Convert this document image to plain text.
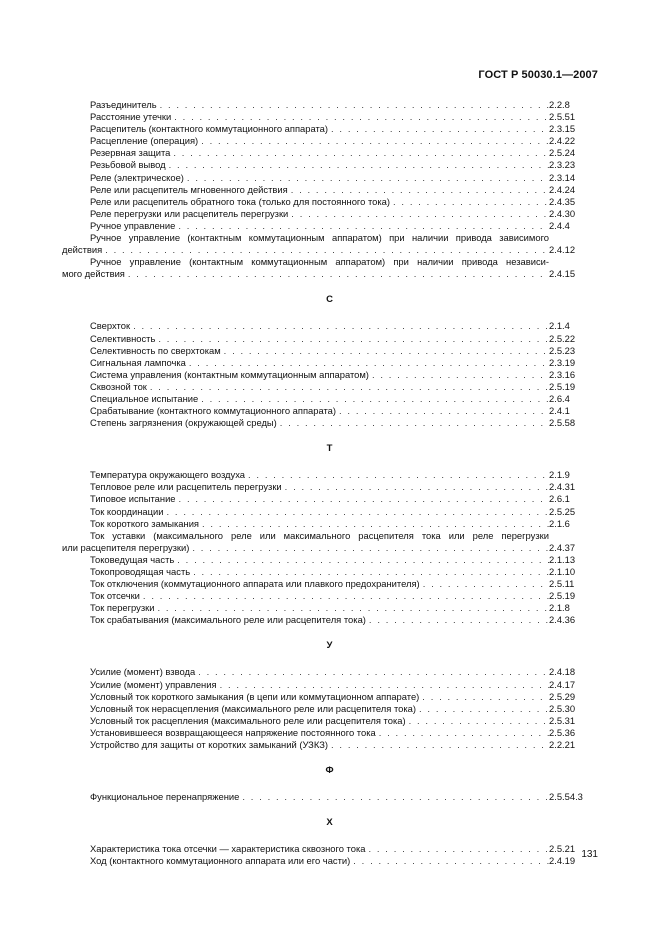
ГОСТ Р 50030.1—2007
Разъединитель . . .	2.2.8
Расстояние утечки . . .	2.5.51
Расцепитель (контактного коммутационного аппарата) . . .	2.3.15
Расцепление (операция) . . .	2.4.22
Резервная защита . . .	2.5.24
Резьбовой вывод . . .	2.3.23
Реле (электрическое) . . .	2.3.14
Реле или расцепитель мгновенного действия . . .	2.4.24
Реле или расцепитель обратного тока (только для постоянного тока) . . .	2.4.35
Реле перегрузки или расцепитель перегрузки . . .	2.4.30
Ручное управление . . .	2.4.4
Ручное управление (контактным коммутационным аппаратом) при наличии привода зависимого
действия . . .	2.4.12
Ручное управление (контактным коммутационным аппаратом) при наличии привода независи-
мого действия . . .	2.4.15
С
Сверхток . . .	2.1.4
Селективность . . .	2.5.22
Селективность по сверхтокам . . .	2.5.23
Сигнальная лампочка . . .	2.3.19
Система управления (контактным коммутационным аппаратом) . . .	2.3.16
Сквозной ток . . .	2.5.19
Специальное испытание . . .	2.6.4
Срабатывание (контактного коммутационного аппарата) . . .	2.4.1
Степень загрязнения (окружающей среды) . . .	2.5.58
Т
Температура окружающего воздуха . . .	2.1.9
Тепловое реле или расцепитель перегрузки . . .	2.4.31
Типовое испытание . . .	2.6.1
Ток координации . . .	2.5.25
Ток короткого замыкания . . .	2.1.6
Ток уставки (максимального реле или максимального расцепителя тока или реле перегрузки
или расцепителя перегрузки) . . .	2.4.37
Токоведущая часть . . .	2.1.13
Токопроводящая часть . . .	2.1.10
Ток отключения (коммутационного аппарата или плавкого предохранителя) . . .	2.5.11
Ток отсечки . . .	2.5.19
Ток перегрузки . . .	2.1.8
Ток срабатывания (максимального реле или расцепителя тока) . . .	2.4.36
У
Усилие (момент) взвода . . .	2.4.18
Усилие (момент) управления . . .	2.4.17
Условный ток короткого замыкания (в цепи или коммутационном аппарате) . . .	2.5.29
Условный ток нерасцепления (максимального реле или расцепителя тока) . . .	2.5.30
Условный ток расцепления (максимального реле или расцепителя тока) . . .	2.5.31
Установившееся возвращающееся напряжение постоянного тока . . .	2.5.36
Устройство для защиты от коротких замыканий (УЗКЗ) . . .	2.2.21
Ф
Функциональное перенапряжение . . .	2.5.54.3
Х
Характеристика тока отсечки — характеристика сквозного тока . . .	2.5.21
Ход (контактного коммутационного аппарата или его части) . . .	2.4.19
131
